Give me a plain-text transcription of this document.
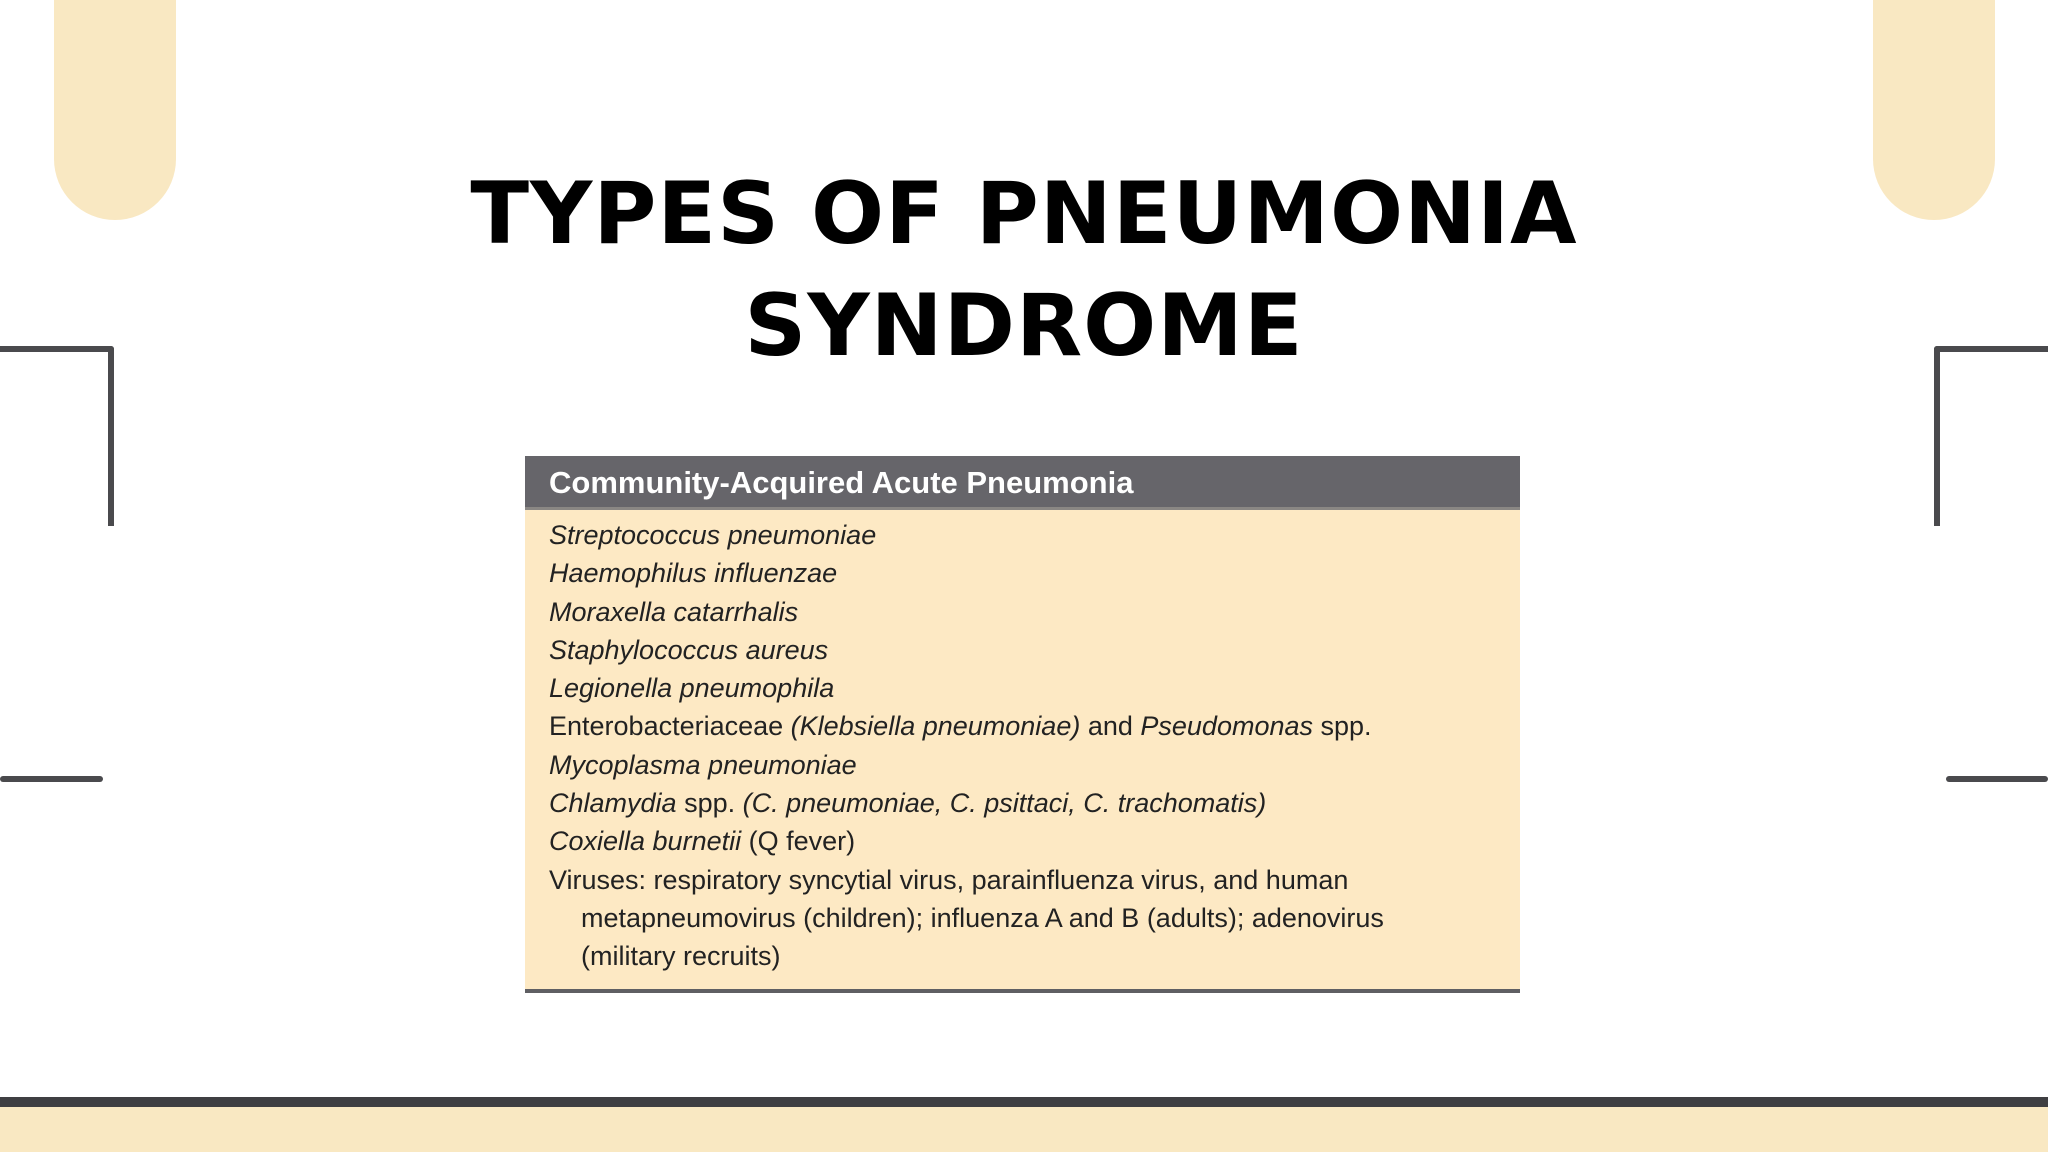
TYPES OF PNEUMONIA
SYNDROME
Community-Acquired Acute Pneumonia
Streptococcus pneumoniae
Haemophilus influenzae
Moraxella catarrhalis
Staphylococcus aureus
Legionella pneumophila
Enterobacteriaceae (Klebsiella pneumoniae) and Pseudomonas spp.
Mycoplasma pneumoniae
Chlamydia spp. (C. pneumoniae, C. psittaci, C. trachomatis)
Coxiella burnetii (Q fever)
Viruses: respiratory syncytial virus, parainfluenza virus, and human
metapneumovirus (children); influenza A and B (adults); adenovirus
(military recruits)
